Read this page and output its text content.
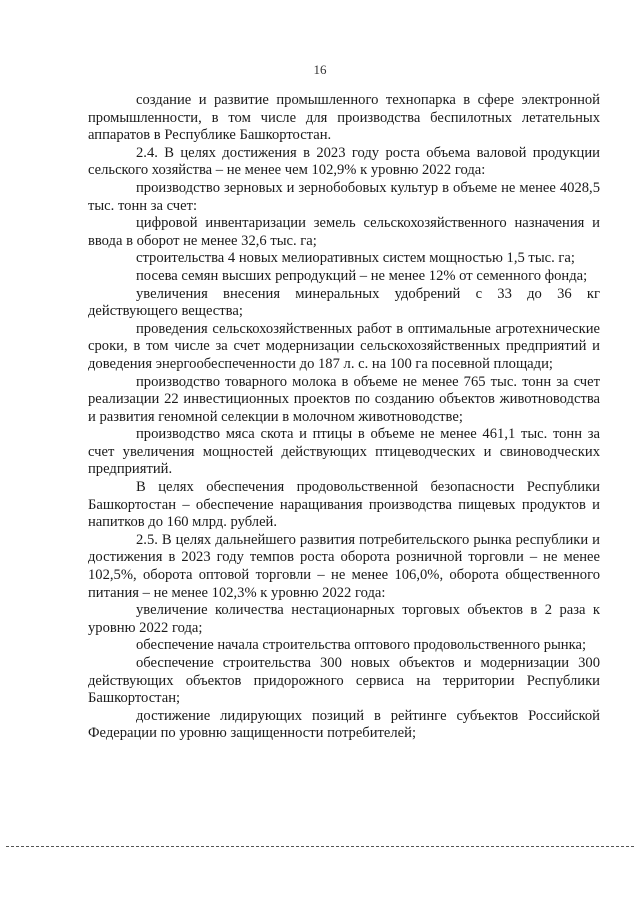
16

создание и развитие промышленного технопарка в сфере электронной промышленности, в том числе для производства беспилотных летательных аппаратов в Республике Башкортостан.

2.4. В целях достижения в 2023 году роста объема валовой продукции сельского хозяйства – не менее чем 102,9% к уровню 2022 года:

производство зерновых и зернобобовых культур в объеме не менее 4028,5 тыс. тонн за счет:

цифровой инвентаризации земель сельскохозяйственного назначения и ввода в оборот не менее 32,6 тыс. га;

строительства 4 новых мелиоративных систем мощностью 1,5 тыс. га;

посева семян высших репродукций – не менее 12% от семенного фонда;

увеличения внесения минеральных удобрений с 33 до 36 кг действующего вещества;

проведения сельскохозяйственных работ в оптимальные агротехнические сроки, в том числе за счет модернизации сельскохозяйственных предприятий и доведения энергообеспеченности до 187 л. с. на 100 га посевной площади;

производство товарного молока в объеме не менее 765 тыс. тонн за счет реализации 22 инвестиционных проектов по созданию объектов животноводства и развития геномной селекции в молочном животноводстве;

производство мяса скота и птицы в объеме не менее 461,1 тыс. тонн за счет увеличения мощностей действующих птицеводческих и свиноводческих предприятий.

В целях обеспечения продовольственной безопасности Республики Башкортостан – обеспечение наращивания производства пищевых продуктов и напитков до 160 млрд. рублей.

2.5. В целях дальнейшего развития потребительского рынка республики и достижения в 2023 году темпов роста оборота розничной торговли – не менее 102,5%, оборота оптовой торговли – не менее 106,0%, оборота общественного питания – не менее 102,3% к уровню 2022 года:

увеличение количества нестационарных торговых объектов в 2 раза к уровню 2022 года;

обеспечение начала строительства оптового продовольственного рынка;

обеспечение строительства 300 новых объектов и модернизации 300 действующих объектов придорожного сервиса на территории Республики Башкортостан;

достижение лидирующих позиций в рейтинге субъектов Российской Федерации по уровню защищенности потребителей;
